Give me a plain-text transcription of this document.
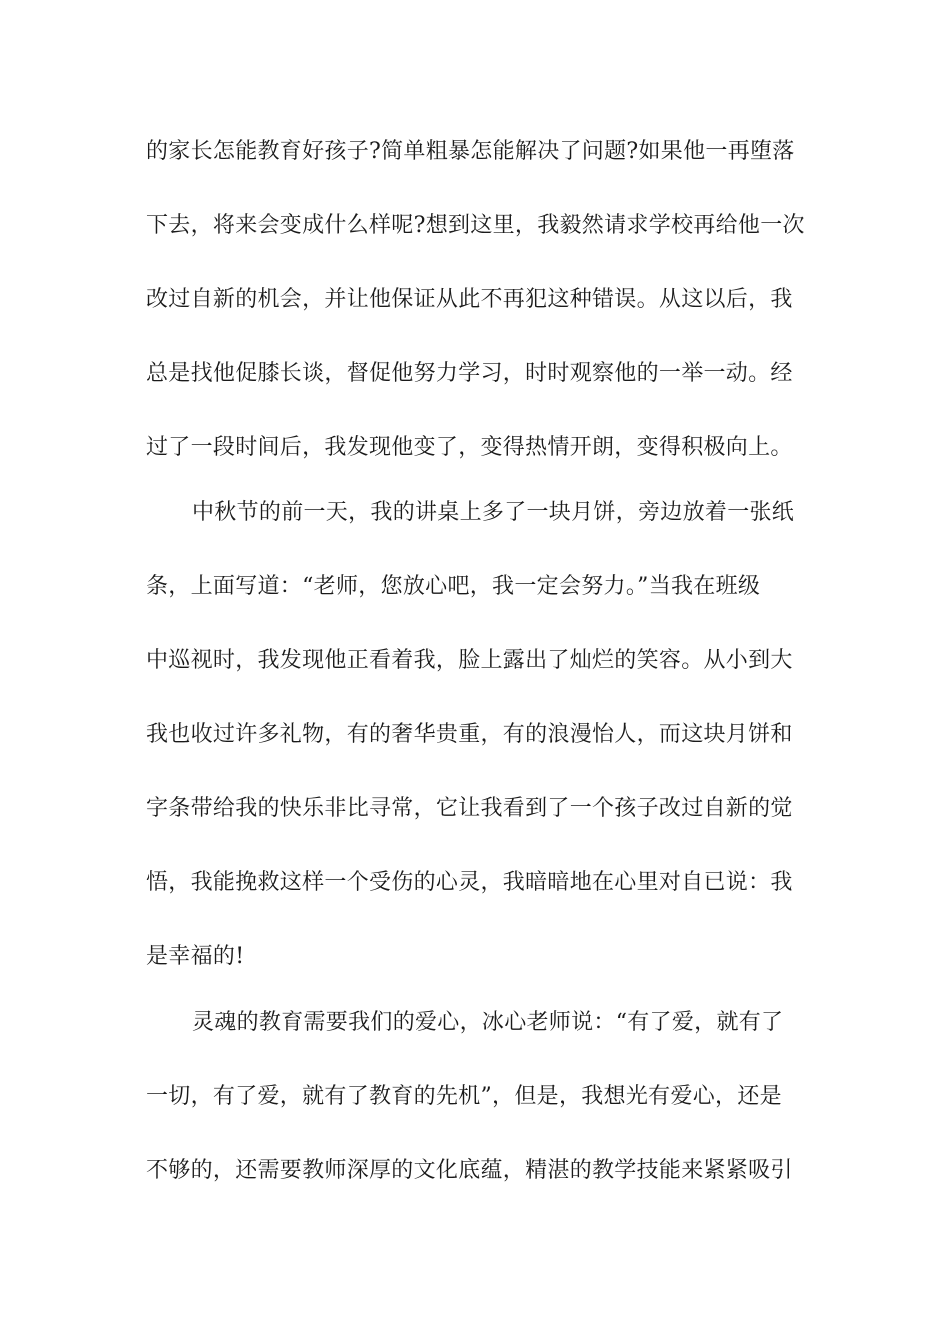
的家长怎能教育好孩子?简单粗暴怎能解决了问题?如果他一再堕落
下去，将来会变成什么样呢?想到这里，我毅然请求学校再给他一次
改过自新的机会，并让他保证从此不再犯这种错误。从这以后，我
总是找他促膝长谈，督促他努力学习，时时观察他的一举一动。经
过了一段时间后，我发现他变了，变得热情开朗，变得积极向上。
中秋节的前一天，我的讲桌上多了一块月饼，旁边放着一张纸
条，上面写道：“老师，您放心吧，我一定会努力。”当我在班级
中巡视时，我发现他正看着我，脸上露出了灿烂的笑容。从小到大
我也收过许多礼物，有的奢华贵重，有的浪漫怡人，而这块月饼和
字条带给我的快乐非比寻常，它让我看到了一个孩子改过自新的觉
悟，我能挽救这样一个受伤的心灵，我暗暗地在心里对自已说：我
是幸福的!
灵魂的教育需要我们的爱心，冰心老师说：“有了爱，就有了
一切，有了爱，就有了教育的先机”，但是，我想光有爱心，还是
不够的，还需要教师深厚的文化底蕴，精湛的教学技能来紧紧吸引
